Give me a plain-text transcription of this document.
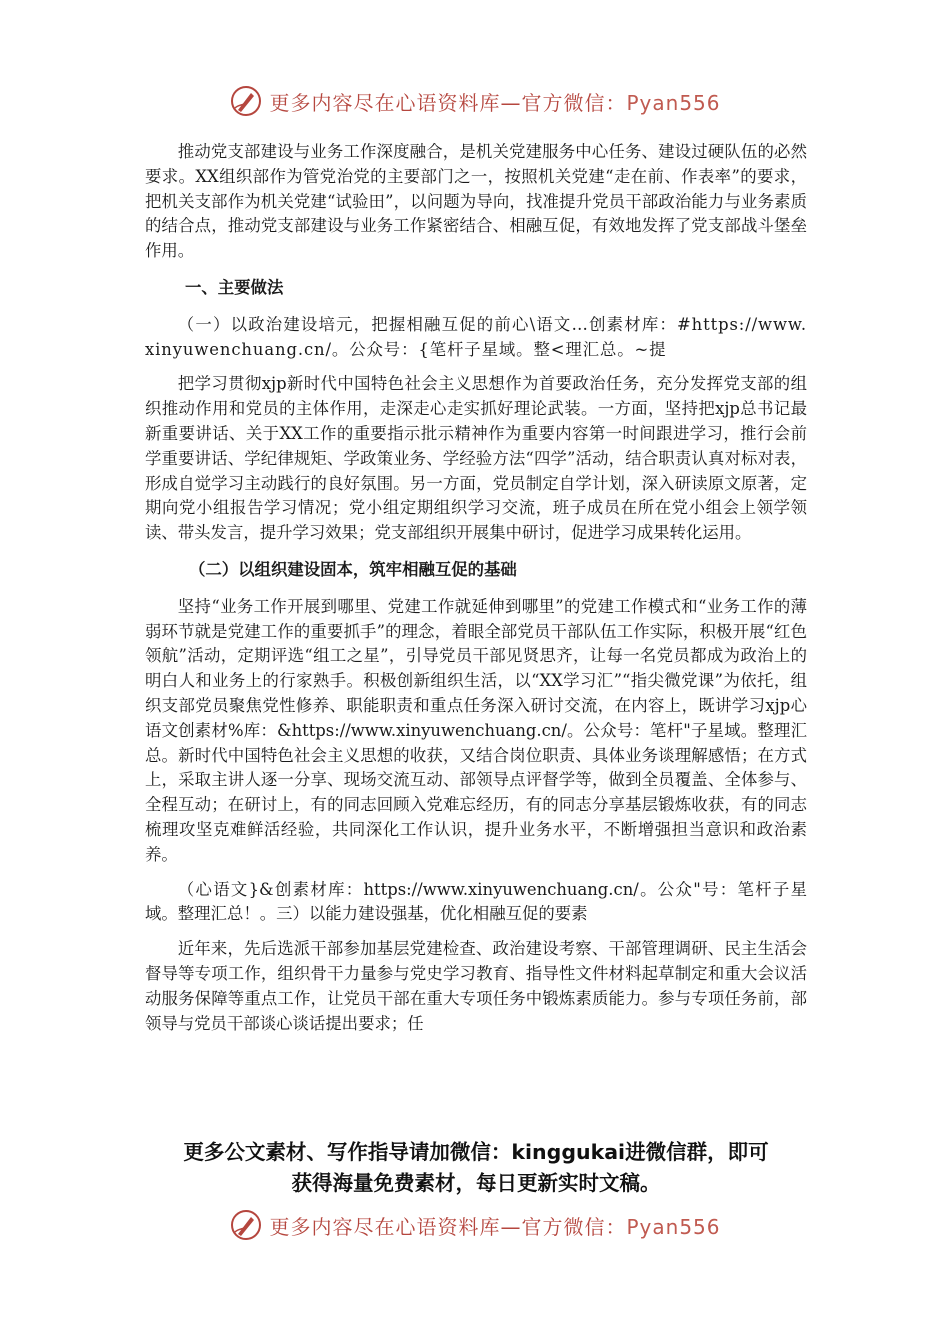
更多内容尽在心语资料库—官方微信：Pyan556

推动党支部建设与业务工作深度融合，是机关党建服务中心任务、建设过硬队伍的必然要求。XX组织部作为管党治党的主要部门之一，按照机关党建“走在前、作表率”的要求，把机关支部作为机关党建“试验田”，以问题为导向，找准提升党员干部政治能力与业务素质的结合点，推动党支部建设与业务工作紧密结合、相融互促，有效地发挥了党支部战斗堡垒作用。

一、主要做法

（一）以政治建设培元，把握相融互促的前心\语文…创素材库：#https://www.xinyuwenchuang.cn/。公众号：{笔杆子星域。整<理汇总。~提

把学习贯彻xjp新时代中国特色社会主义思想作为首要政治任务，充分发挥党支部的组织推动作用和党员的主体作用，走深走心走实抓好理论武装。一方面，坚持把xjp总书记最新重要讲话、关于XX工作的重要指示批示精神作为重要内容第一时间跟进学习，推行会前学重要讲话、学纪律规矩、学政策业务、学经验方法“四学”活动，结合职责认真对标对表，形成自觉学习主动践行的良好氛围。另一方面，党员制定自学计划，深入研读原文原著，定期向党小组报告学习情况；党小组定期组织学习交流，班子成员在所在党小组会上领学领读、带头发言，提升学习效果；党支部组织开展集中研讨，促进学习成果转化运用。

（二）以组织建设固本，筑牢相融互促的基础

坚持“业务工作开展到哪里、党建工作就延伸到哪里”的党建工作模式和“业务工作的薄弱环节就是党建工作的重要抓手”的理念，着眼全部党员干部队伍工作实际，积极开展“红色领航”活动，定期评选“组工之星”，引导党员干部见贤思齐，让每一名党员都成为政治上的明白人和业务上的行家熟手。积极创新组织生活，以“XX学习汇”“指尖微党课”为依托，组织支部党员聚焦党性修养、职能职责和重点任务深入研讨交流，在内容上，既讲学习xjp心语文创素材%库：&https://www.xinyuwenchuang.cn/。公众号：笔杆"子星域。整理汇总。新时代中国特色社会主义思想的收获，又结合岗位职责、具体业务谈理解感悟；在方式上，采取主讲人逐一分享、现场交流互动、部领导点评督学等，做到全员覆盖、全体参与、全程互动；在研讨上，有的同志回顾入党难忘经历，有的同志分享基层锻炼收获，有的同志梳理攻坚克难鲜活经验，共同深化工作认识，提升业务水平，不断增强担当意识和政治素养。

（心语文}&创素材库：https://www.xinyuwenchuang.cn/。公众"号：笔杆子星域。整理汇总！。三）以能力建设强基，优化相融互促的要素

近年来，先后选派干部参加基层党建检查、政治建设考察、干部管理调研、民主生活会督导等专项工作，组织骨干力量参与党史学习教育、指导性文件材料起草制定和重大会议活动服务保障等重点工作，让党员干部在重大专项任务中锻炼素质能力。参与专项任务前，部领导与党员干部谈心谈话提出要求；任

更多公文素材、写作指导请加微信：kinggukai进微信群，即可
获得海量免费素材，每日更新实时文稿。
更多内容尽在心语资料库—官方微信：Pyan556
